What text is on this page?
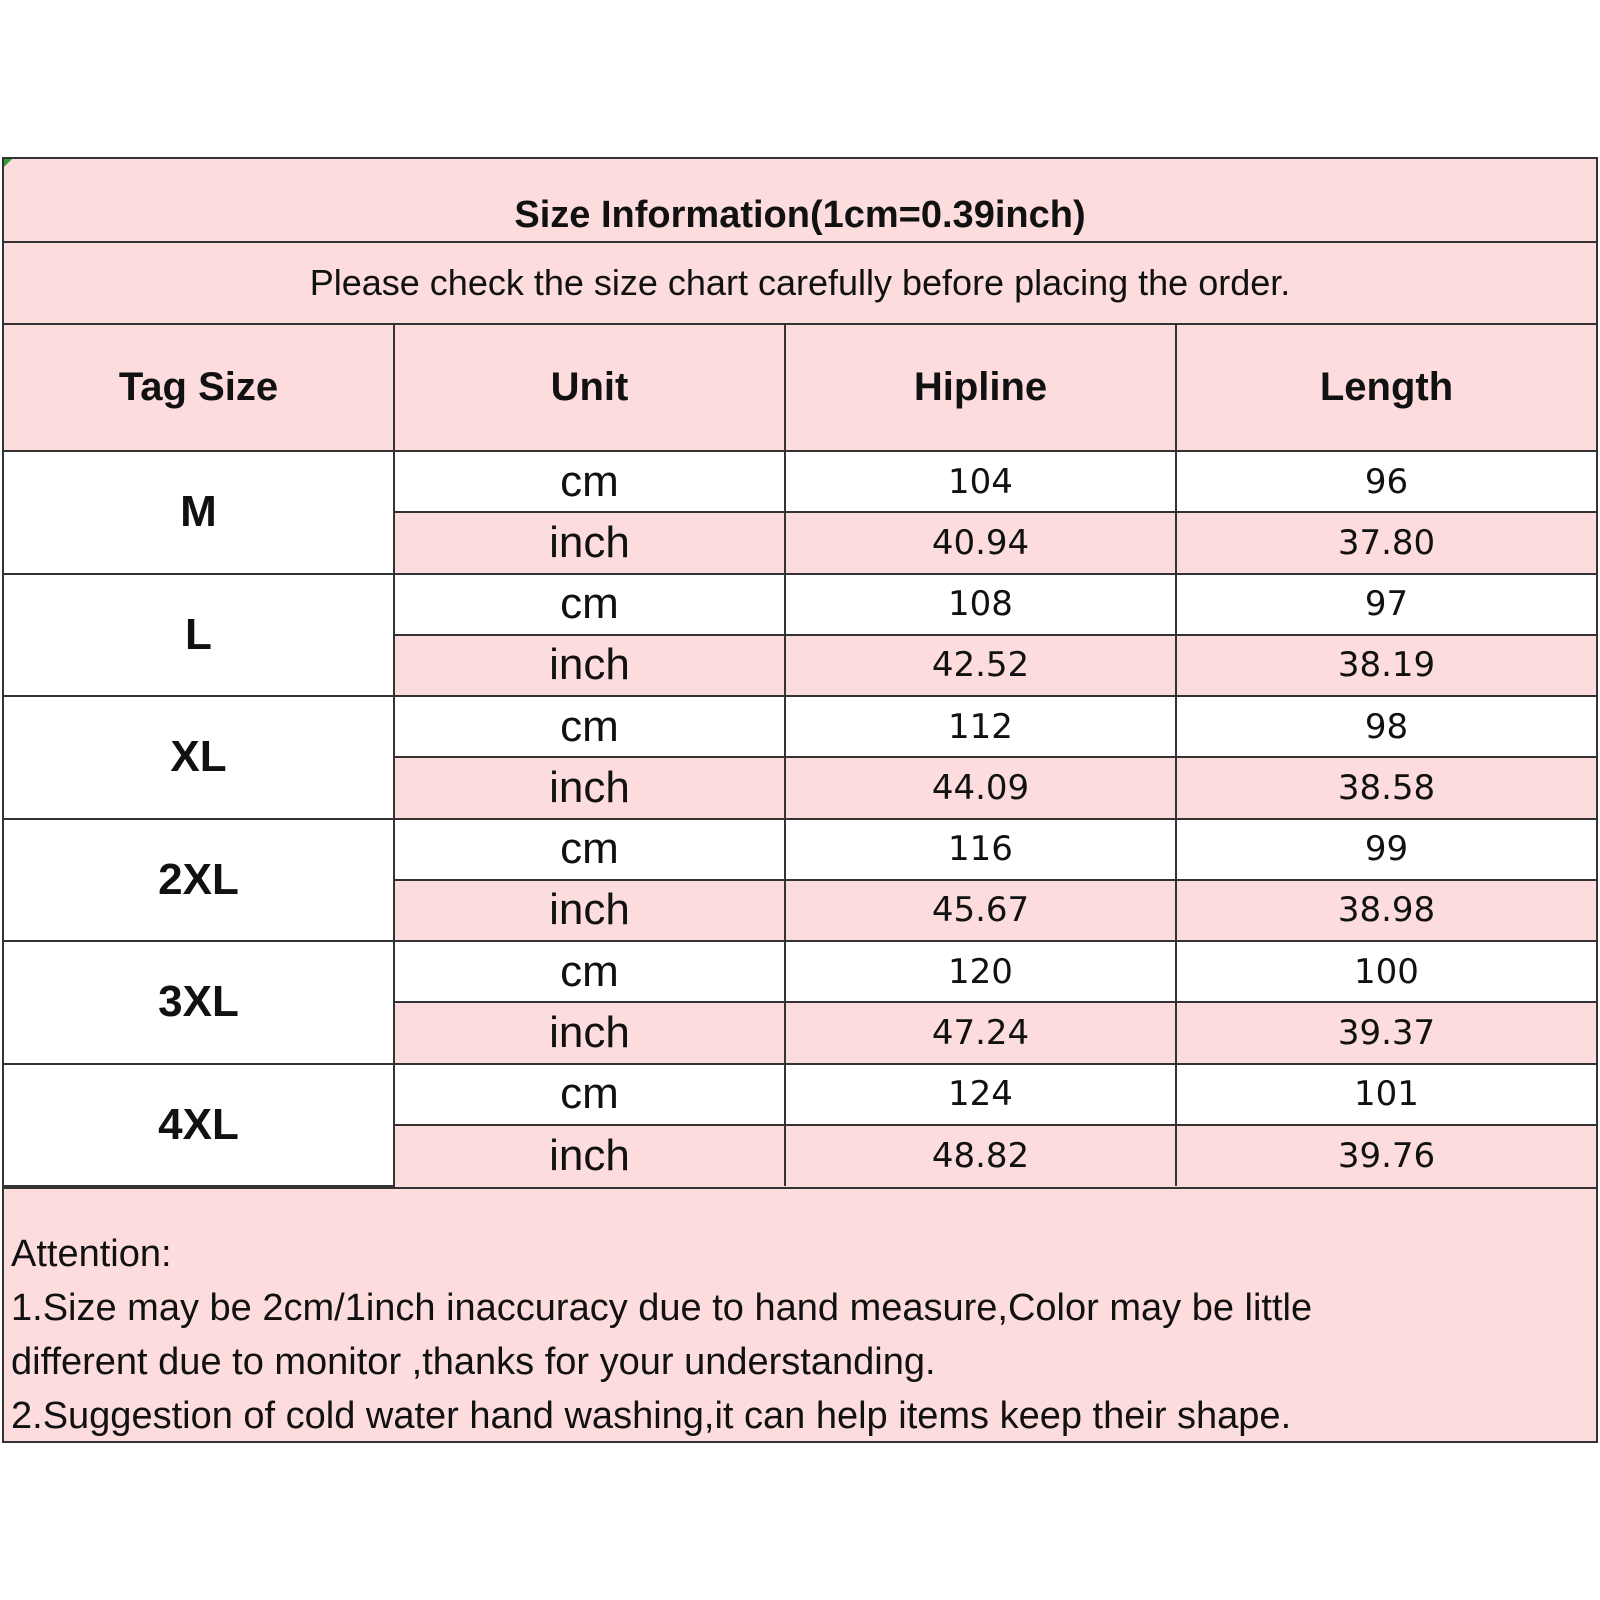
Size Information(1cm=0.39inch)
Please check the size chart carefully before placing the order.
Tag Size	Unit	Hipline	Length
M	cm	104	96
	inch	40.94	37.80
L	cm	108	97
	inch	42.52	38.19
XL	cm	112	98
	inch	44.09	38.58
2XL	cm	116	99
	inch	45.67	38.98
3XL	cm	120	100
	inch	47.24	39.37
4XL	cm	124	101
	inch	48.82	39.76
Attention:
1.Size may be 2cm/1inch inaccuracy due to hand measure,Color may be little
different due to monitor ,thanks for your understanding.
2.Suggestion of cold water hand washing,it can help items keep their shape.
